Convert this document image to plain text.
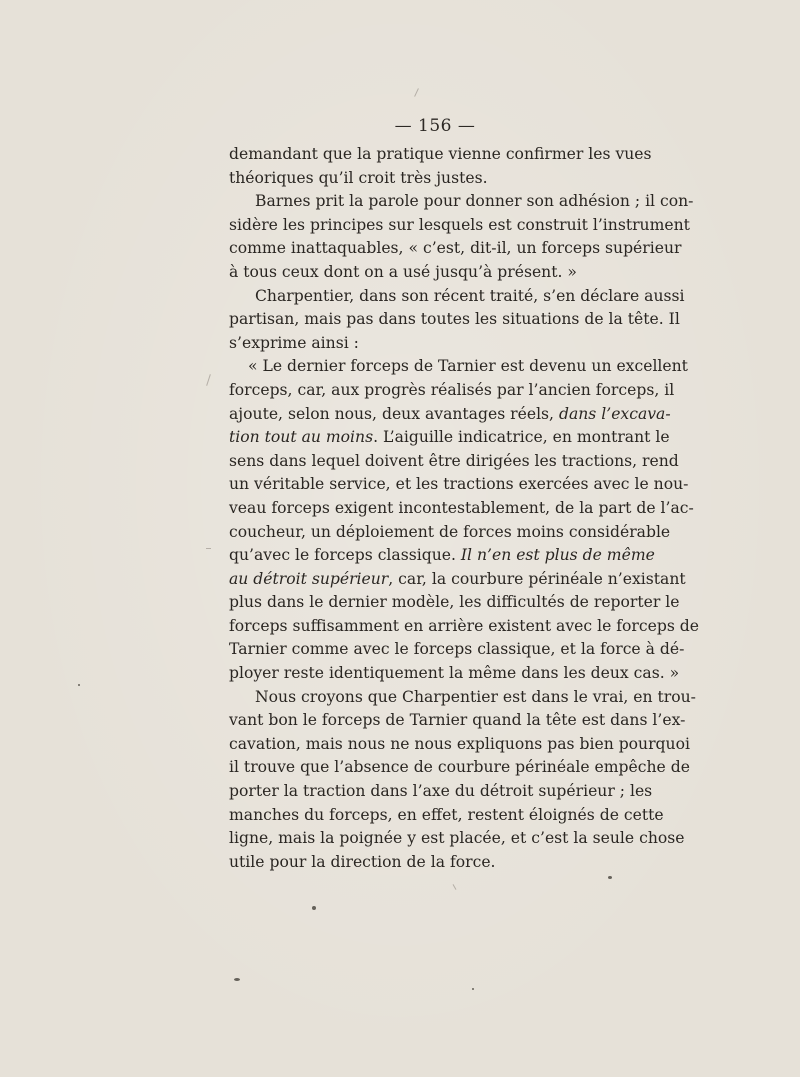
— 156 —
demandant que la pratique vienne confirmer les vues
théoriques qu’il croit très justes.
Barnes prit la parole pour donner son adhésion ; il con-
sidère les principes sur lesquels est construit l’instrument
comme inattaquables, « c’est, dit-il, un forceps supérieur
à tous ceux dont on a usé jusqu’à présent. »
Charpentier, dans son récent traité, s’en déclare aussi
partisan, mais pas dans toutes les situations de la tête. Il
s’exprime ainsi :
« Le dernier forceps de Tarnier est devenu un excellent
forceps, car, aux progrès réalisés par l’ancien forceps, il
ajoute, selon nous, deux avantages réels, dans l’excava-
tion tout au moins. L’aiguille indicatrice, en montrant le
sens dans lequel doivent être dirigées les tractions, rend
un véritable service, et les tractions exercées avec le nou-
veau forceps exigent incontestablement, de la part de l’ac-
coucheur, un déploiement de forces moins considérable
qu’avec le forceps classique. Il n’en est plus de même
au détroit supérieur, car, la courbure périnéale n’existant
plus dans le dernier modèle, les difficultés de reporter le
forceps suffisamment en arrière existent avec le forceps de
Tarnier comme avec le forceps classique, et la force à dé-
ployer reste identiquement la même dans les deux cas. »
Nous croyons que Charpentier est dans le vrai, en trou-
vant bon le forceps de Tarnier quand la tête est dans l’ex-
cavation, mais nous ne nous expliquons pas bien pourquoi
il trouve que l’absence de courbure périnéale empêche de
porter la traction dans l’axe du détroit supérieur ; les
manches du forceps, en effet, restent éloignés de cette
ligne, mais la poignée y est placée, et c’est la seule chose
utile pour la direction de la force.
